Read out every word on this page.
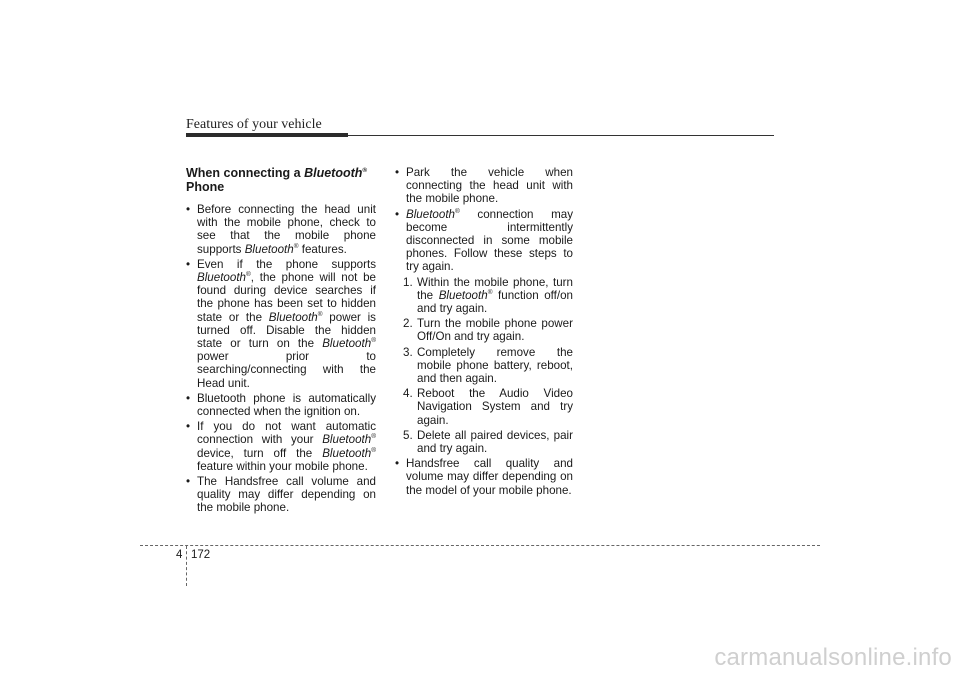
Features of your vehicle
When connecting a Bluetooth®
Phone

• Before connecting the head unit with the mobile phone, check to see that the mobile phone supports Bluetooth® features.

• Even if the phone supports Bluetooth®, the phone will not be found during device searches if the phone has been set to hidden state or the Bluetooth® power is turned off. Disable the hidden state or turn on the Bluetooth® power prior to searching/connecting with the Head unit.

• Bluetooth phone is automatically connected when the ignition on.

• If you do not want automatic connection with your Bluetooth® device, turn off the Bluetooth® feature within your mobile phone.

• The Handsfree call volume and quality may differ depending on the mobile phone.

• Park the vehicle when connecting the head unit with the mobile phone.

• Bluetooth® connection may become intermittently disconnected in some mobile phones. Follow these steps to try again.

1. Within the mobile phone, turn the Bluetooth® function off/on and try again.

2. Turn the mobile phone power Off/On and try again.

3. Completely remove the mobile phone battery, reboot, and then again.

4. Reboot the Audio Video Navigation System and try again.

5. Delete all paired devices, pair and try again.

• Handsfree call quality and volume may differ depending on the model of your mobile phone.

4 172
carmanualsonline.info
